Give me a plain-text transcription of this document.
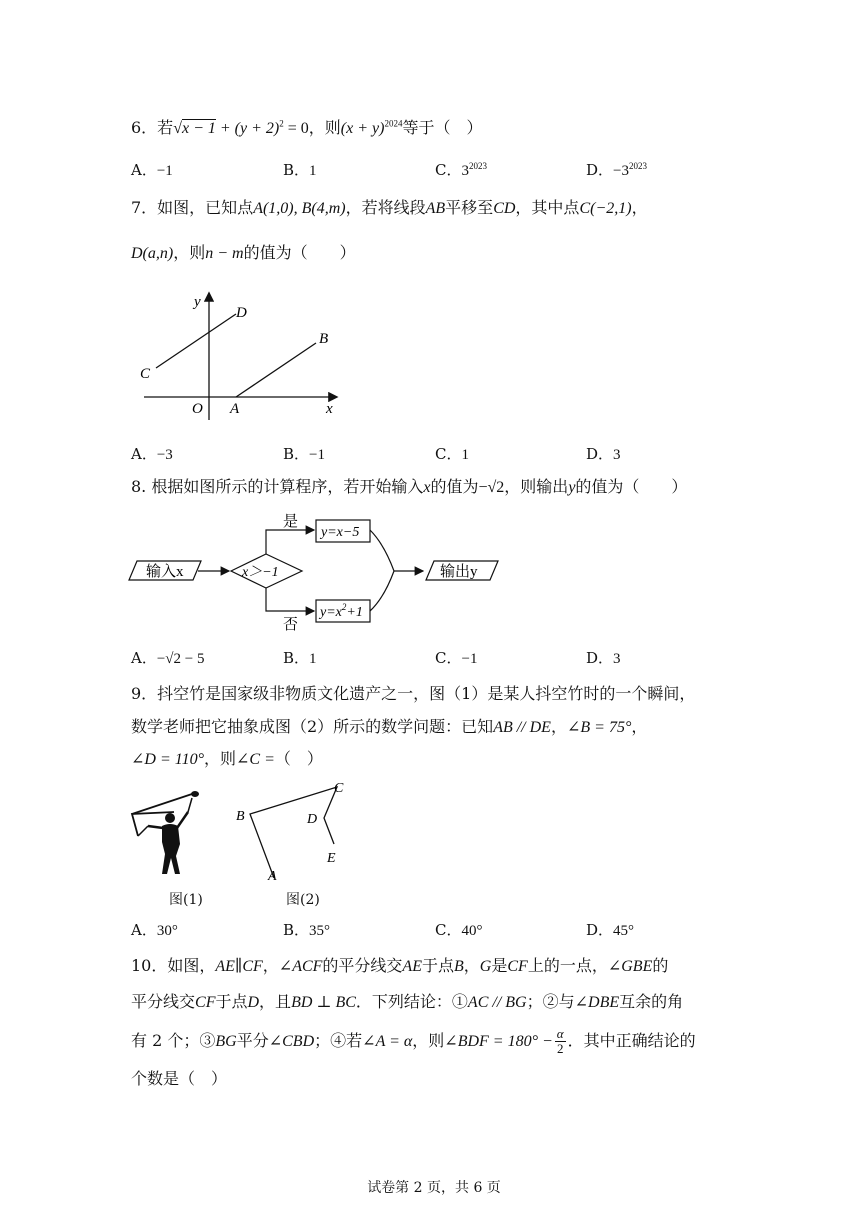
6．若$√x - 1 + (y + 2)^2 = 0$，则$(x + y)^{2024}$等于（　）
A．−1	B．1	C．$3^{2023}$	D．$-3^{2023}$
7．如图，已知点A(1,0), B(4,m)，若将线段AB平移至CD，其中点C(−2,1)，
D(a,n)，则n − m的值为（　　）
y
D
B
C
O A	x
A．−3	B．−1	C．1	D．3
8. 根据如图所示的计算程序，若开始输入x的值为−√2，则输出y的值为（　　）
输入x	x＞−1
是
y=x−5
否
$y=x^2+1$
输出y
A．−√2 − 5	B．1	C．−1	D．3
9．抖空竹是国家级非物质文化遗产之一，图（1）是某人抖空竹时的一个瞬间，
数学老师把它抽象成图（2）所示的数学问题：已知AB // DE，∠B = 75°，
∠D = 110°，则∠C =（　）
图(1)
B
C
D
E
A
图(2)
A．30°	B．35°	C．40°	D．45°
10．如图，AE∥CF，∠ACF的平分线交AE于点B，G是CF上的一点，∠GBE的
平分线交CF于点D，且BD ⊥ BC．下列结论：①AC // BG；②与∠DBE互余的角
有 2 个；③BG平分∠CBD；④若∠A = α，则∠BDF = $180^\circ - \frac{\alpha}{2}$ ．其中正确结论的
个数是（　）
试卷第 2 页，共 6 页
